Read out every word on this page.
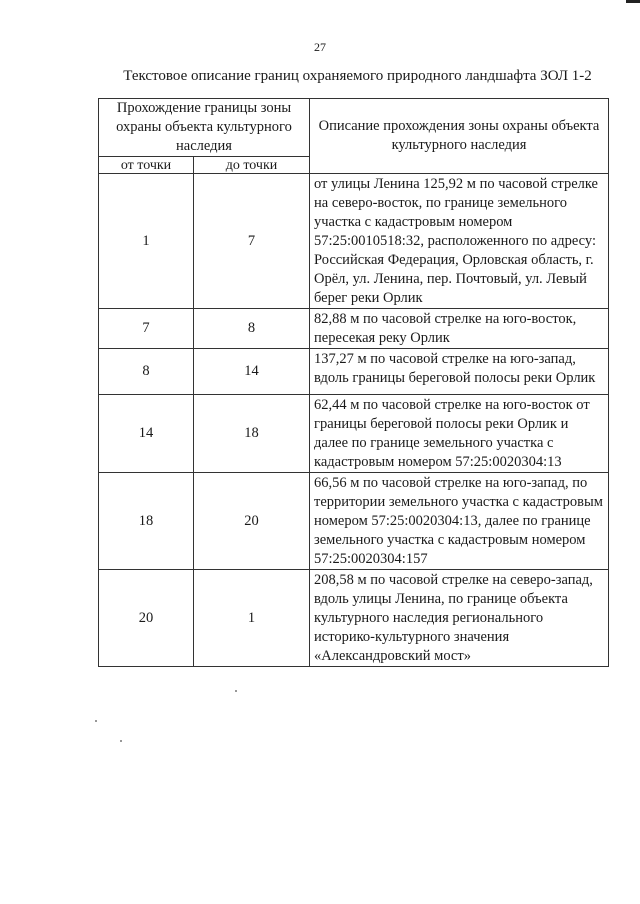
27
Текстовое описание границ охраняемого природного ландшафта ЗОЛ 1-2
Прохождение границы зоны охраны объекта культурного наследия		Описание прохождения зоны охраны объекта культурного наследия
от точки	до точки	
1	7	от улицы Ленина 125,92 м по часовой стрелке на северо-восток, по границе земельного участка с кадастровым номером 57:25:0010518:32, расположенного по адресу: Российская Федерация, Орловская область, г. Орёл, ул. Ленина, пер. Почтовый, ул. Левый берег реки Орлик
7	8	82,88 м по часовой стрелке на юго-восток, пересекая реку Орлик
8	14	137,27 м по часовой стрелке на юго-запад, вдоль границы береговой полосы реки Орлик
14	18	62,44 м по часовой стрелке на юго-восток от границы береговой полосы реки Орлик и далее по границе земельного участка с кадастровым номером 57:25:0020304:13
18	20	66,56 м по часовой стрелке на юго-запад, по территории земельного участка с кадастровым номером 57:25:0020304:13, далее по границе земельного участка с кадастровым номером 57:25:0020304:157
20	1	208,58 м по часовой стрелке на северо-запад, вдоль улицы Ленина, по границе объекта культурного наследия регионального историко-культурного значения «Александровский мост»
